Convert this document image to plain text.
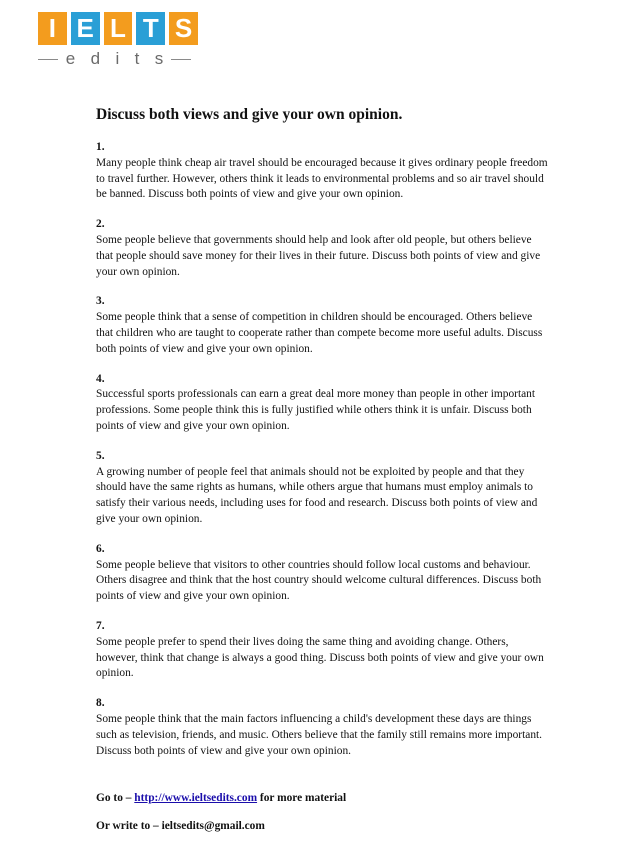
I E L T S
e d i t s
Discuss both views and give your own opinion.
1.
Many people think cheap air travel should be encouraged because it gives ordinary people freedom to travel further. However, others think it leads to environmental problems and so air travel should be banned. Discuss both points of view and give your own opinion.
2.
Some people believe that governments should help and look after old people, but others believe that people should save money for their lives in their future. Discuss both points of view and give your own opinion.
3.
Some people think that a sense of competition in children should be encouraged. Others believe that children who are taught to cooperate rather than compete become more useful adults. Discuss both points of view and give your own opinion.
4.
Successful sports professionals can earn a great deal more money than people in other important professions. Some people think this is fully justified while others think it is unfair. Discuss both points of view and give your own opinion.
5.
A growing number of people feel that animals should not be exploited by people and that they should have the same rights as humans, while others argue that humans must employ animals to satisfy their various needs, including uses for food and research. Discuss both points of view and give your own opinion.
6.
Some people believe that visitors to other countries should follow local customs and behaviour. Others disagree and think that the host country should welcome cultural differences. Discuss both points of view and give your own opinion.
7.
Some people prefer to spend their lives doing the same thing and avoiding change. Others, however, think that change is always a good thing. Discuss both points of view and give your own opinion.
8.
Some people think that the main factors influencing a child's development these days are things such as television, friends, and music. Others believe that the family still remains more important. Discuss both points of view and give your own opinion.

Go to – http://www.ieltsedits.com for more material

Or write to – ieltsedits@gmail.com
